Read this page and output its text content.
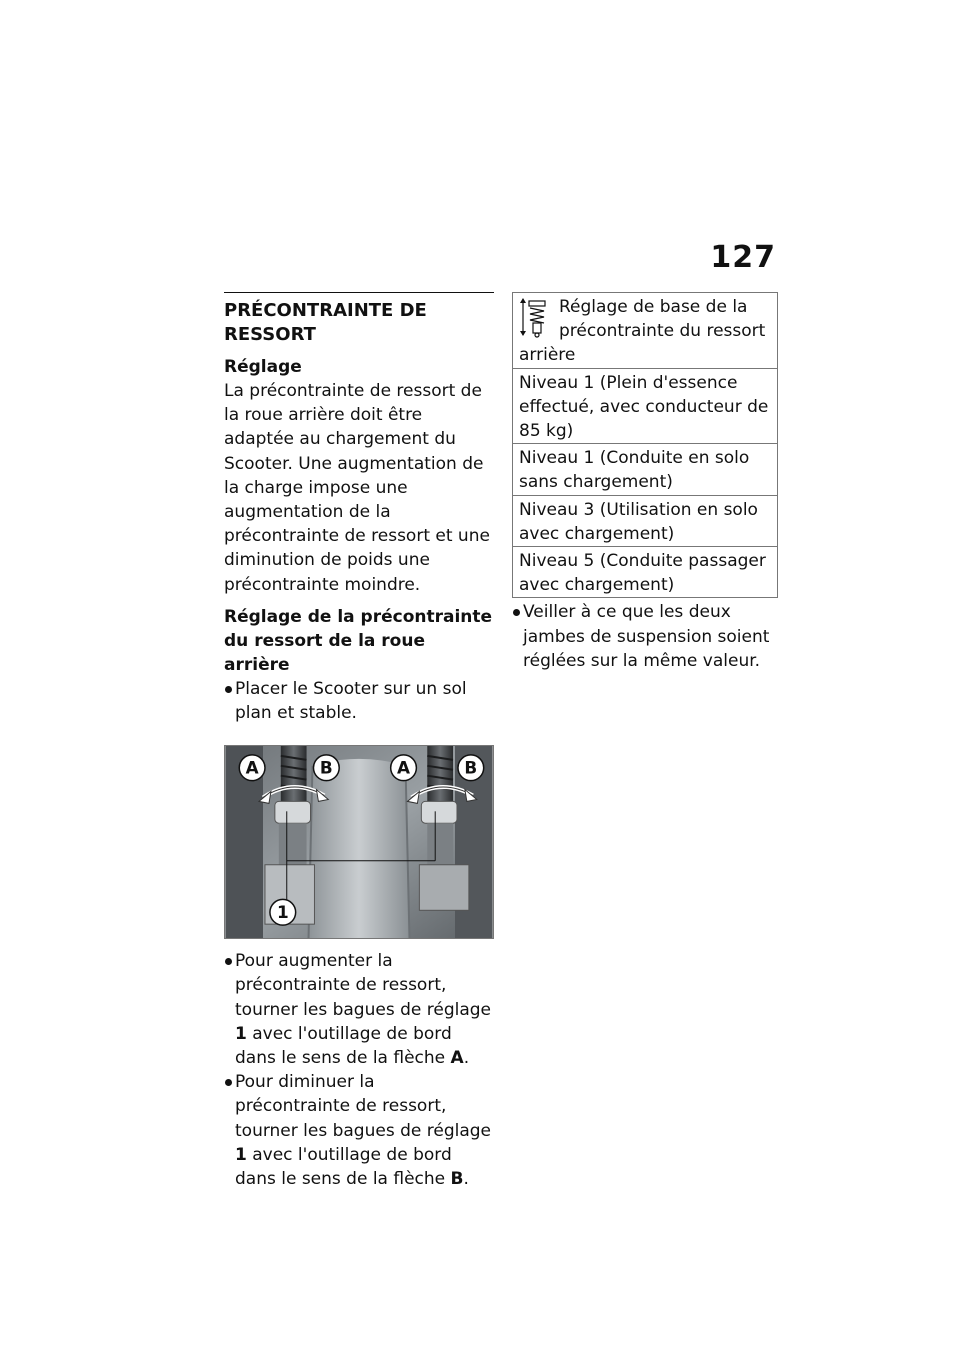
127
PRÉCONTRAINTE DE RESSORT
Réglage

La précontrainte de ressort de la roue arrière doit être adaptée au chargement du Scooter. Une augmentation de la charge impose une augmentation de la précontrainte de ressort et une diminution de poids une précontrainte moindre.

Réglage de la précontrainte du ressort de la roue arrière
Placer le Scooter sur un sol plan et stable.
A	B	A	B
1
Pour augmenter la précontrainte de ressort, tourner les bagues de réglage 1 avec l'outillage de bord dans le sens de la flèche A.
Pour diminuer la précontrainte de ressort, tourner les bagues de réglage 1 avec l'outillage de bord dans le sens de la flèche B.
Réglage de base de la précontrainte du ressort arrière
Niveau 1 (Plein d'essence effectué, avec conducteur de 85 kg)
Niveau 1 (Conduite en solo sans chargement)
Niveau 3 (Utilisation en solo avec chargement)
Niveau 5 (Conduite passager avec chargement)
Veiller à ce que les deux jambes de suspension soient réglées sur la même valeur.
